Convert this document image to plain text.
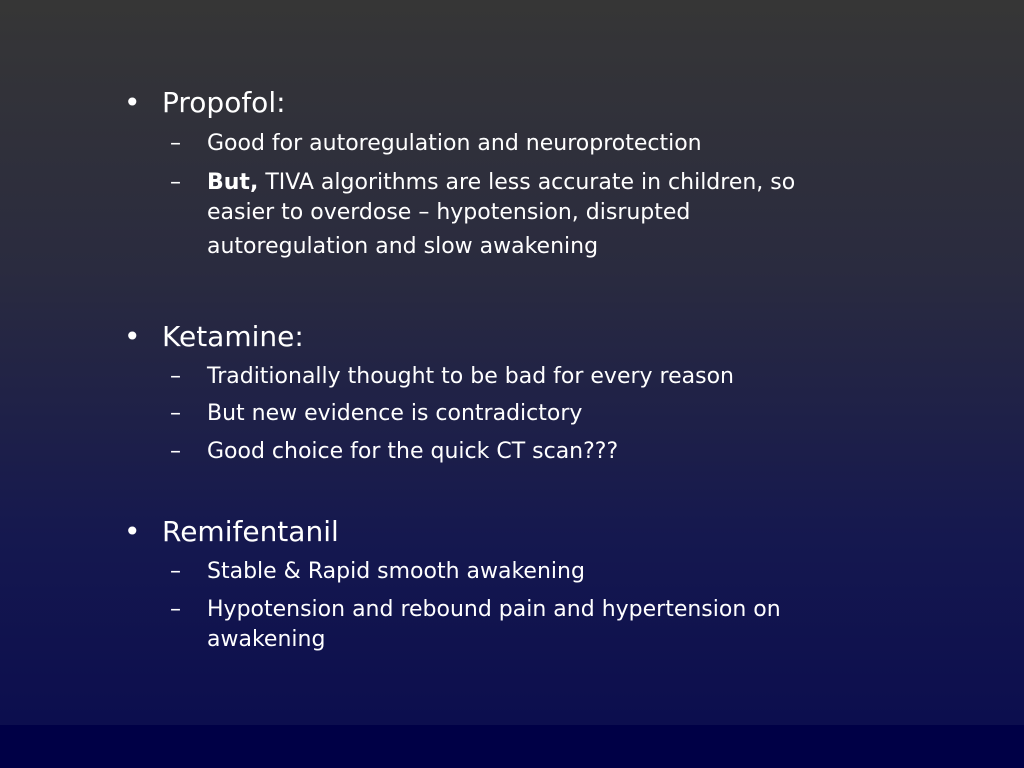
• Propofol:
– Good for autoregulation and neuroprotection
– But, TIVA algorithms are less accurate in children, so
easier to overdose – hypotension, disrupted
autoregulation and slow awakening
• Ketamine:
– Traditionally thought to be bad for every reason
– But new evidence is contradictory
– Good choice for the quick CT scan???
• Remifentanil
– Stable & Rapid smooth awakening
– Hypotension and rebound pain and hypertension on
awakening
